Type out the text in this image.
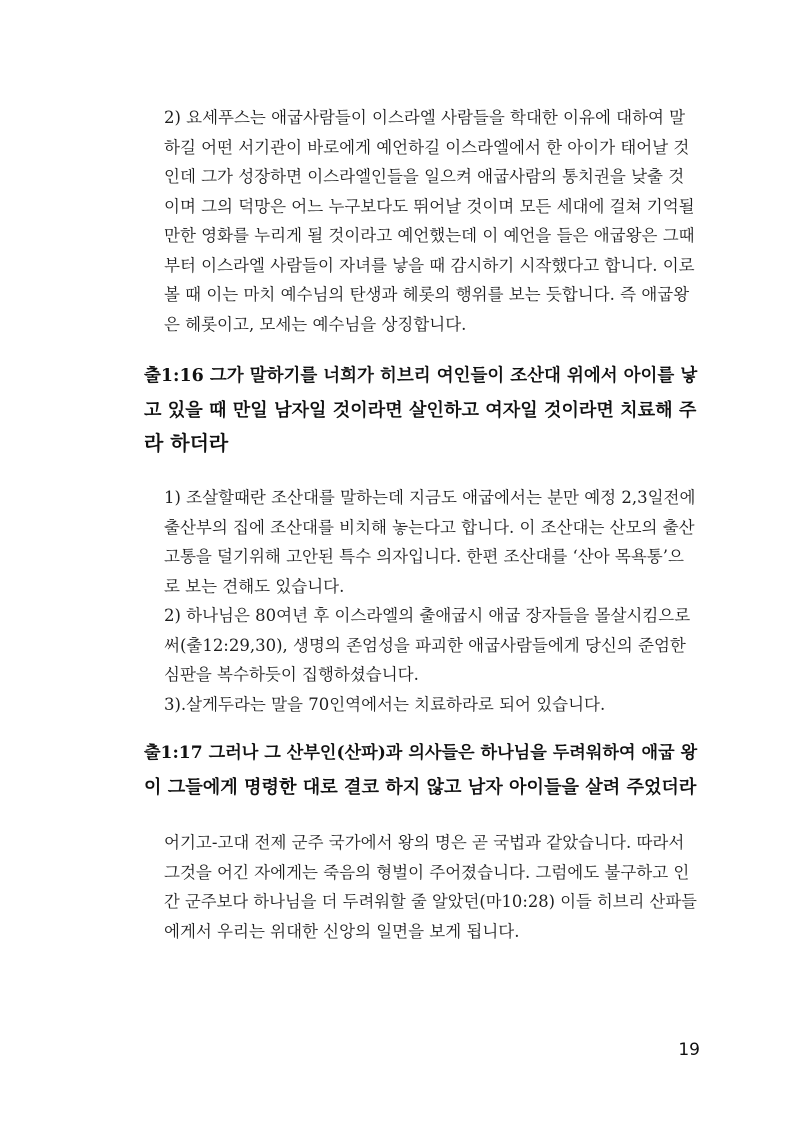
2) 요세푸스는 애굽사람들이 이스라엘 사람들을 학대한 이유에 대하여 말
하길 어떤 서기관이 바로에게 예언하길 이스라엘에서 한 아이가 태어날 것
인데 그가 성장하면 이스라엘인들을 일으켜 애굽사람의 통치권을 낮출 것
이며 그의 덕망은 어느 누구보다도 뛰어날 것이며 모든 세대에 걸쳐 기억될
만한 영화를 누리게 될 것이라고 예언했는데 이 예언을 들은 애굽왕은 그때
부터 이스라엘 사람들이 자녀를 낳을 때 감시하기 시작했다고 합니다. 이로
볼 때 이는 마치 예수님의 탄생과 헤롯의 행위를 보는 듯합니다. 즉 애굽왕
은 헤롯이고, 모세는 예수님을 상징합니다.
출1:16 그가 말하기를 너희가 히브리 여인들이 조산대 위에서 아이를 낳
고 있을 때 만일 남자일 것이라면 살인하고 여자일 것이라면 치료해 주
라 하더라
1) 조살할때란 조산대를 말하는데 지금도 애굽에서는 분만 예정 2,3일전에
출산부의 집에 조산대를 비치해 놓는다고 합니다. 이 조산대는 산모의 출산
고통을 덜기위해 고안된 특수 의자입니다. 한편 조산대를 ‘산아 목욕통’으
로 보는 견해도 있습니다.
2) 하나님은 80여년 후 이스라엘의 출애굽시 애굽 장자들을 몰살시킴으로
써(출12:29,30), 생명의 존엄성을 파괴한 애굽사람들에게 당신의 준엄한
심판을 복수하듯이 집행하셨습니다.
3).살게두라는 말을 70인역에서는 치료하라로 되어 있습니다.
출1:17 그러나 그 산부인(산파)과 의사들은 하나님을 두려워하여 애굽 왕
이 그들에게 명령한 대로 결코 하지 않고 남자 아이들을 살려 주었더라
어기고-고대 전제 군주 국가에서 왕의 명은 곧 국법과 같았습니다. 따라서
그것을 어긴 자에게는 죽음의 형벌이 주어졌습니다. 그럼에도 불구하고 인
간 군주보다 하나님을 더 두려워할 줄 알았던(마10:28) 이들 히브리 산파들
에게서 우리는 위대한 신앙의 일면을 보게 됩니다.
19
